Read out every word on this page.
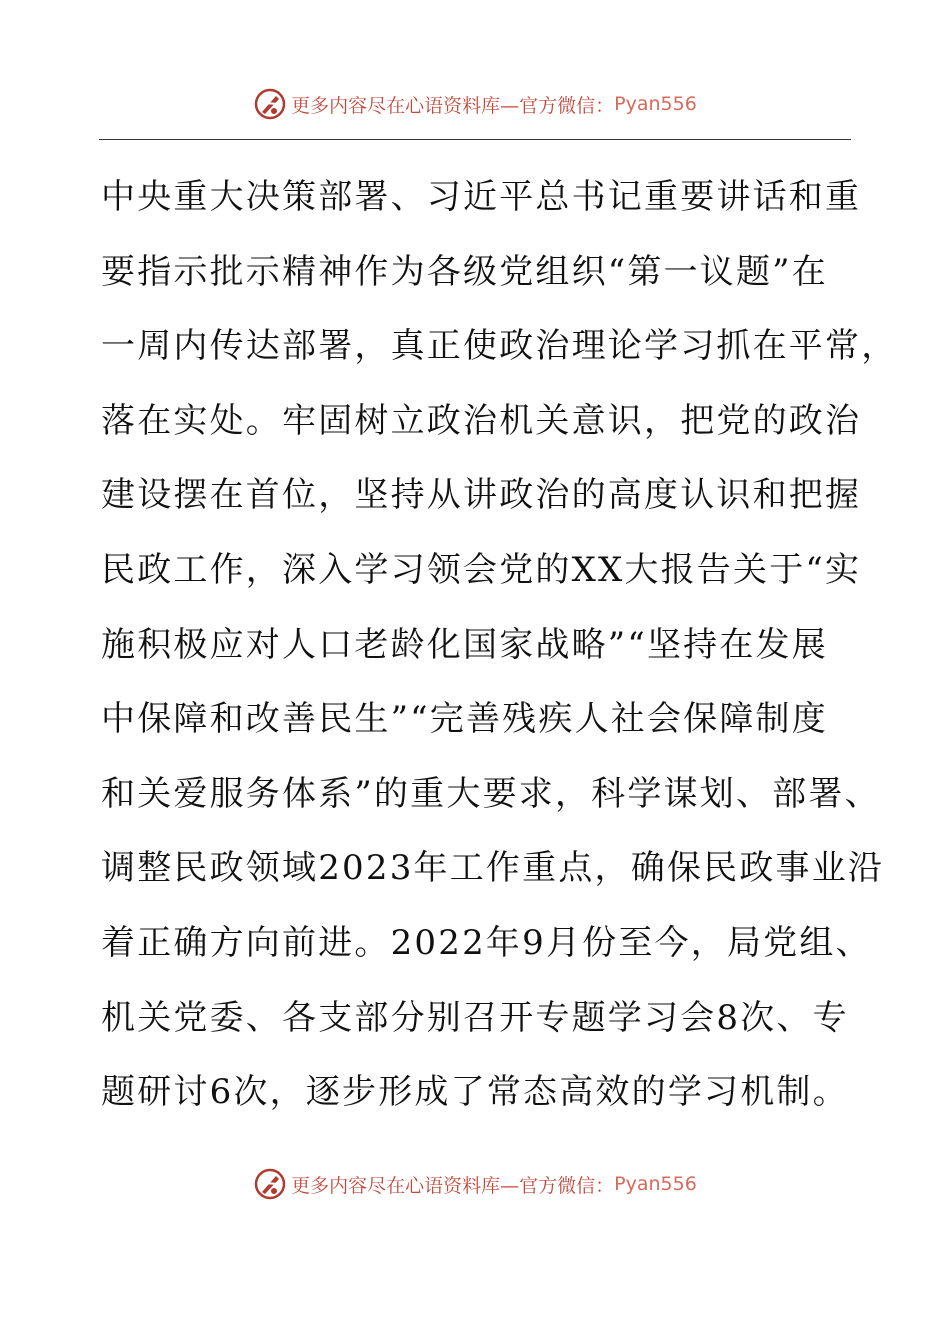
更多内容尽在心语资料库—官方微信： Pyan556
中央重大决策部署、习近平总书记重要讲话和重
要指示批示精神作为各级党组织“第一议题”在
一周内传达部署，真正使政治理论学习抓在平常，
落在实处。牢固树立政治机关意识，把党的政治
建设摆在首位，坚持从讲政治的高度认识和把握
民政工作，深入学习领会党的XX大报告关于“实
施积极应对人口老龄化国家战略”“坚持在发展
中保障和改善民生”“完善残疾人社会保障制度
和关爱服务体系”的重大要求，科学谋划、部署、
调整民政领域2023年工作重点，确保民政事业沿
着正确方向前进。2022年9月份至今，局党组、
机关党委、各支部分别召开专题学习会8次、专
题研讨6次，逐步形成了常态高效的学习机制。
更多内容尽在心语资料库—官方微信： Pyan556
